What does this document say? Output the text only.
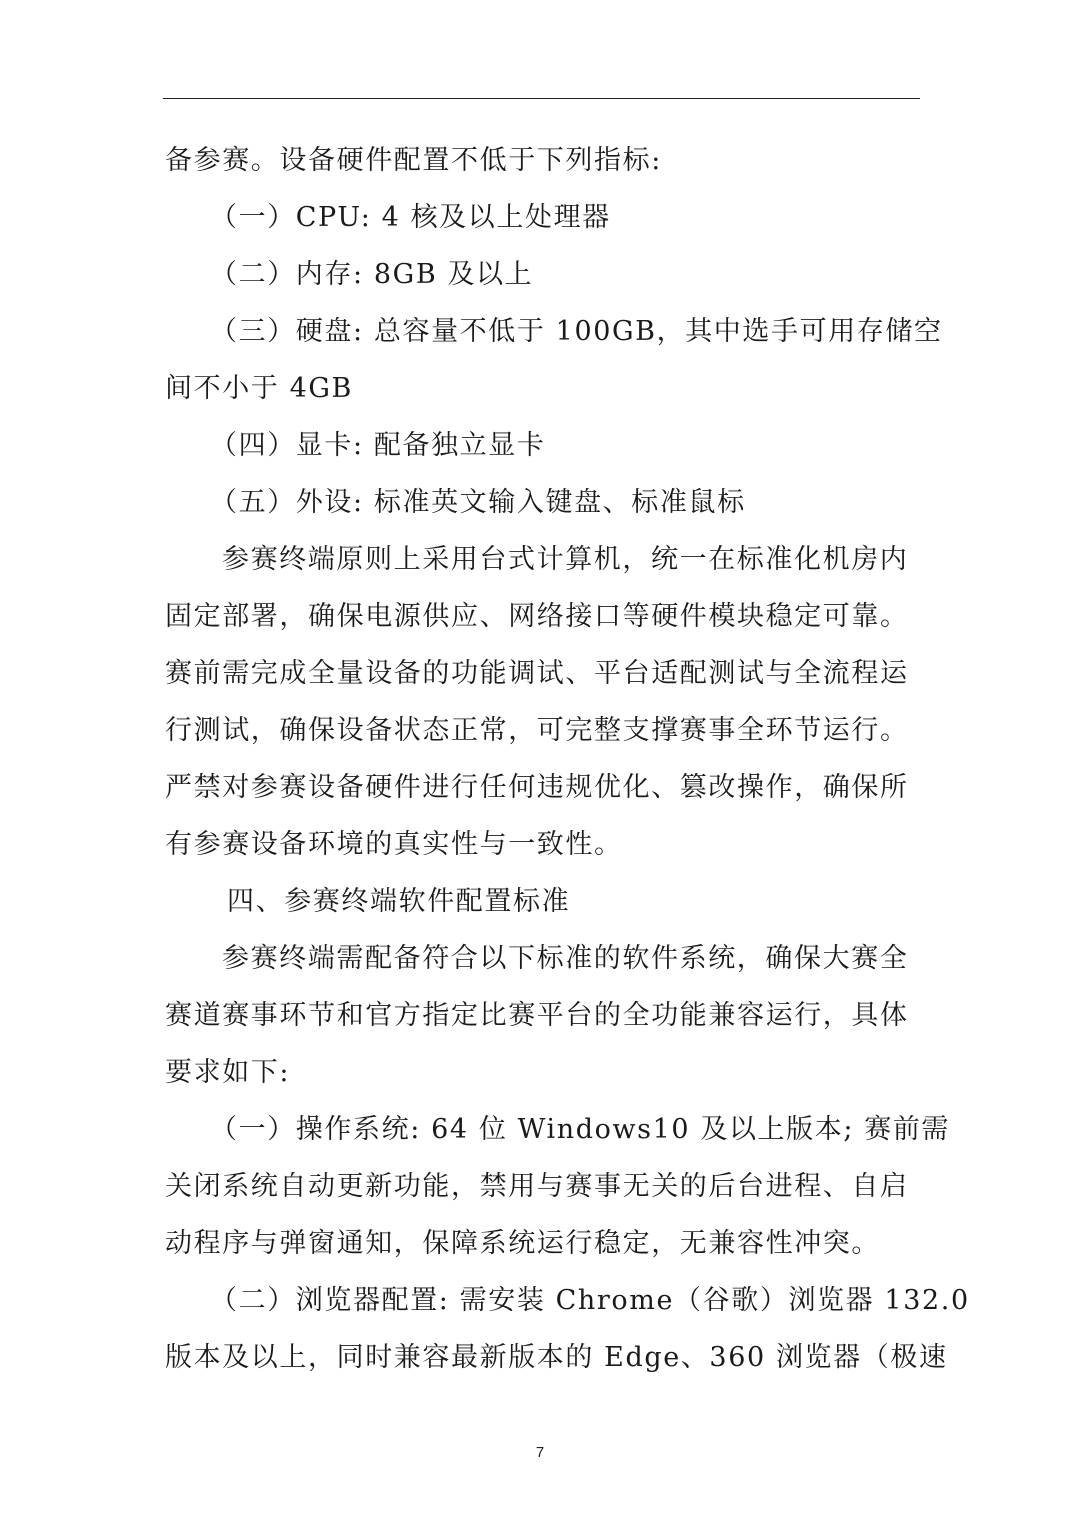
备参赛。设备硬件配置不低于下列指标:
（一）CPU: 4 核及以上处理器
（二）内存: 8GB 及以上
（三）硬盘: 总容量不低于 100GB，其中选手可用存储空
间不小于 4GB
（四）显卡: 配备独立显卡
（五）外设: 标准英文输入键盘、标准鼠标
参赛终端原则上采用台式计算机，统一在标准化机房内
固定部署，确保电源供应、网络接口等硬件模块稳定可靠。
赛前需完成全量设备的功能调试、平台适配测试与全流程运
行测试，确保设备状态正常，可完整支撑赛事全环节运行。
严禁对参赛设备硬件进行任何违规优化、篡改操作，确保所
有参赛设备环境的真实性与一致性。
四、参赛终端软件配置标准
参赛终端需配备符合以下标准的软件系统，确保大赛全
赛道赛事环节和官方指定比赛平台的全功能兼容运行，具体
要求如下:
（一）操作系统: 64 位 Windows10 及以上版本; 赛前需
关闭系统自动更新功能，禁用与赛事无关的后台进程、自启
动程序与弹窗通知，保障系统运行稳定，无兼容性冲突。
（二）浏览器配置: 需安装 Chrome（谷歌）浏览器 132.0
版本及以上，同时兼容最新版本的 Edge、360 浏览器（极速
7
